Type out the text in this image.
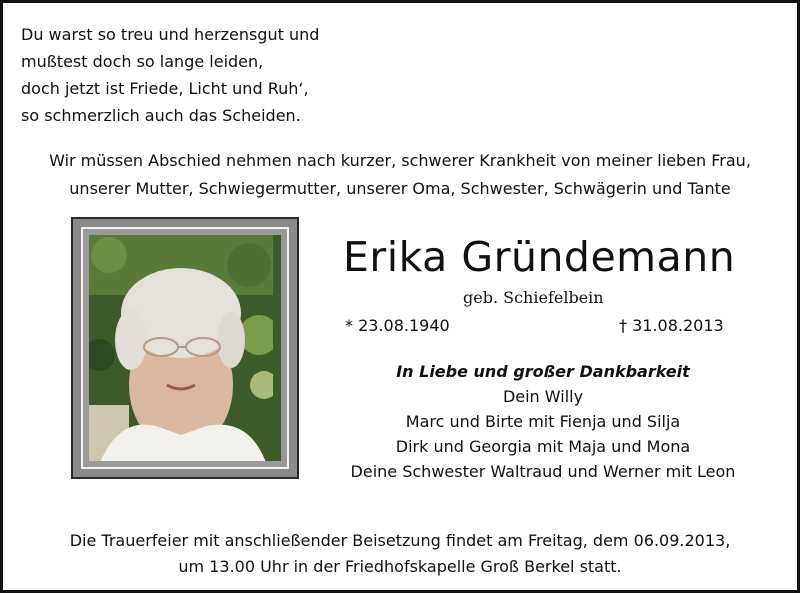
Du warst so treu und herzensgut und
mußtest doch so lange leiden,
doch jetzt ist Friede, Licht und Ruh‘,
so schmerzlich auch das Scheiden.
Wir müssen Abschied nehmen nach kurzer, schwerer Krankheit von meiner lieben Frau,
unserer Mutter, Schwiegermutter, unserer Oma, Schwester, Schwägerin und Tante
Erika Gründemann
geb. Schiefelbein
* 23.08.1940	† 31.08.2013
In Liebe und großer Dankbarkeit
Dein Willy
Marc und Birte mit Fienja und Silja
Dirk und Georgia mit Maja und Mona
Deine Schwester Waltraud und Werner mit Leon
Die Trauerfeier mit anschließender Beisetzung findet am Freitag, dem 06.09.2013,
um 13.00 Uhr in der Friedhofskapelle Groß Berkel statt.
